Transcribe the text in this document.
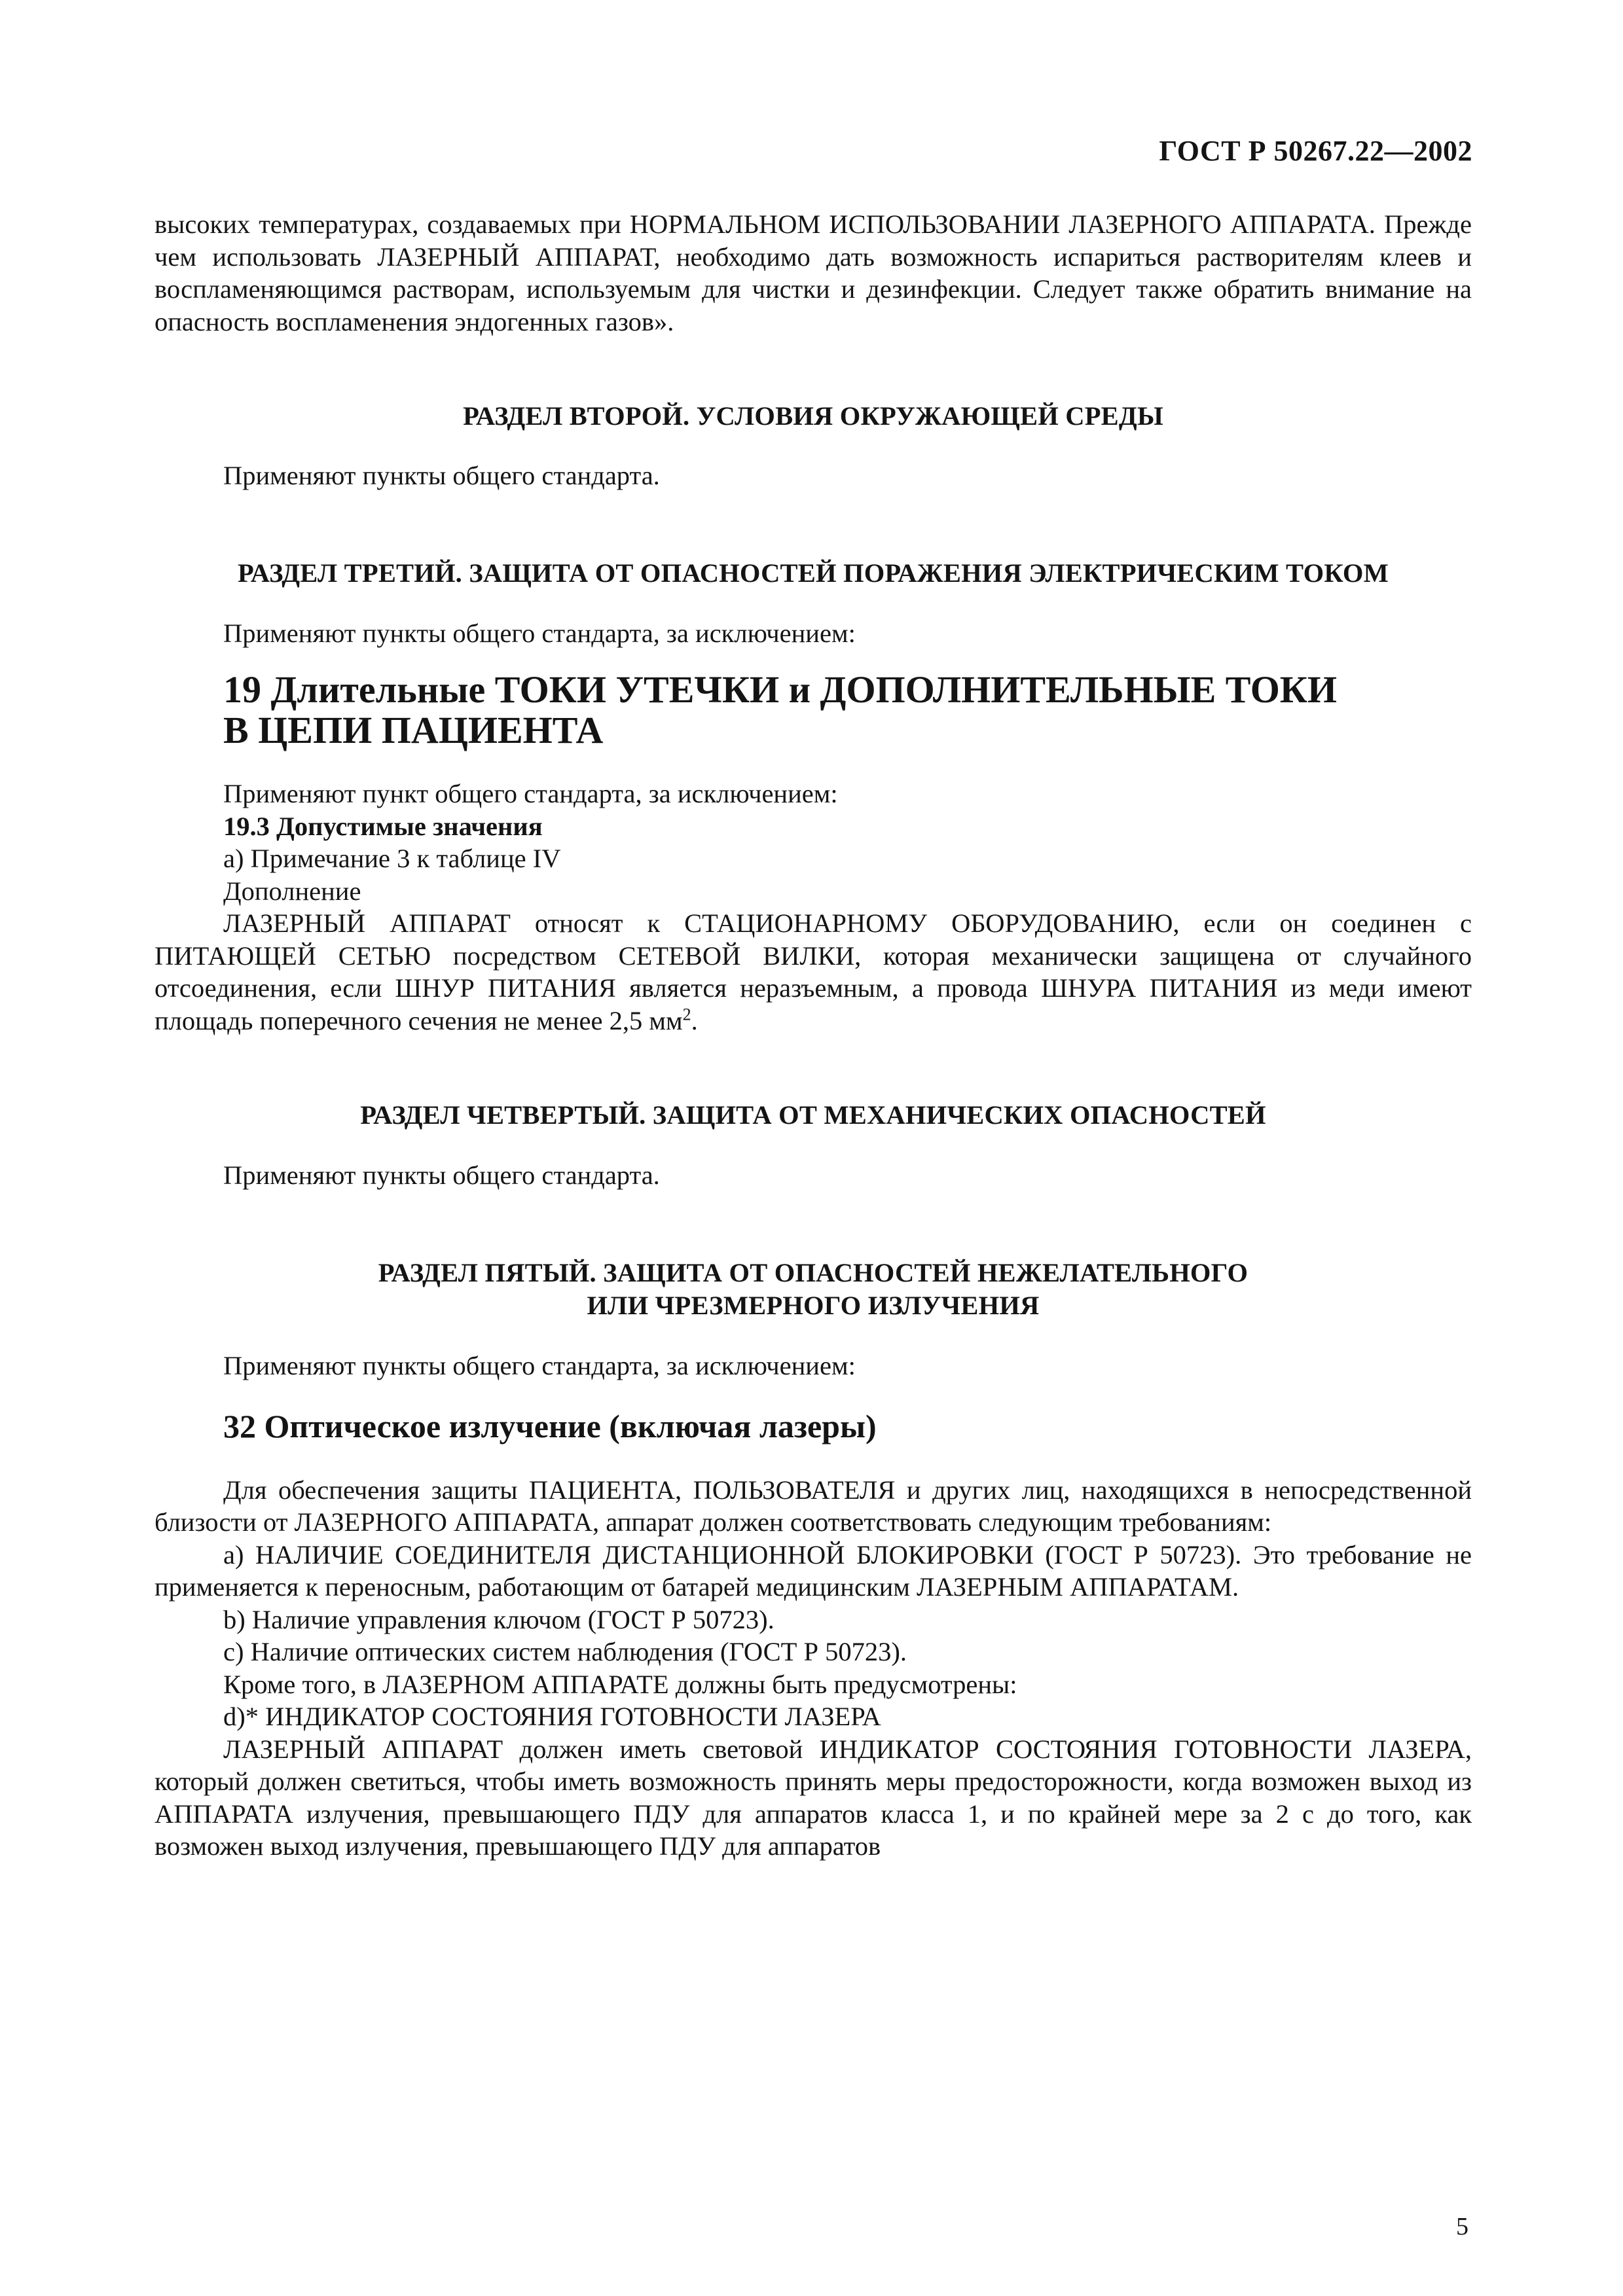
ГОСТ Р 50267.22—2002

высоких температурах, создаваемых при НОРМАЛЬНОМ ИСПОЛЬЗОВАНИИ ЛАЗЕРНОГО АППАРАТА. Прежде чем использовать ЛАЗЕРНЫЙ АППАРАТ, необходимо дать возможность испариться растворителям клеев и воспламеняющимся растворам, используемым для чистки и дезинфекции. Следует также обратить внимание на опасность воспламенения эндогенных газов».

РАЗДЕЛ ВТОРОЙ. УСЛОВИЯ ОКРУЖАЮЩЕЙ СРЕДЫ

Применяют пункты общего стандарта.

РАЗДЕЛ ТРЕТИЙ. ЗАЩИТА ОТ ОПАСНОСТЕЙ ПОРАЖЕНИЯ ЭЛЕКТРИЧЕСКИМ ТОКОМ

Применяют пункты общего стандарта, за исключением:

19 Длительные ТОКИ УТЕЧКИ и ДОПОЛНИТЕЛЬНЫЕ ТОКИ

В ЦЕПИ ПАЦИЕНТА

Применяют пункт общего стандарта, за исключением:

19.3 Допустимые значения

а) Примечание 3 к таблице IV

Дополнение

ЛАЗЕРНЫЙ АППАРАТ относят к СТАЦИОНАРНОМУ ОБОРУДОВАНИЮ, если он соединен с ПИТАЮЩЕЙ СЕТЬЮ посредством СЕТЕВОЙ ВИЛКИ, которая механически защищена от случайного отсоединения, если ШНУР ПИТАНИЯ является неразъемным, а провода ШНУРА ПИТАНИЯ из меди имеют площадь поперечного сечения не менее 2,5 $мм^2$.

РАЗДЕЛ ЧЕТВЕРТЫЙ. ЗАЩИТА ОТ МЕХАНИЧЕСКИХ ОПАСНОСТЕЙ

Применяют пункты общего стандарта.

РАЗДЕЛ ПЯТЫЙ. ЗАЩИТА ОТ ОПАСНОСТЕЙ НЕЖЕЛАТЕЛЬНОГО

ИЛИ ЧРЕЗМЕРНОГО ИЗЛУЧЕНИЯ

Применяют пункты общего стандарта, за исключением:

32 Оптическое излучение (включая лазеры)

Для обеспечения защиты ПАЦИЕНТА, ПОЛЬЗОВАТЕЛЯ и других лиц, находящихся в непосредственной близости от ЛАЗЕРНОГО АППАРАТА, аппарат должен соответствовать следующим требованиям:

а) НАЛИЧИЕ СОЕДИНИТЕЛЯ ДИСТАНЦИОННОЙ БЛОКИРОВКИ (ГОСТ Р 50723). Это требование не применяется к переносным, работающим от батарей медицинским ЛАЗЕРНЫМ АППАРАТАМ.

b) Наличие управления ключом (ГОСТ Р 50723).

c) Наличие оптических систем наблюдения (ГОСТ Р 50723).

Кроме того, в ЛАЗЕРНОМ АППАРАТЕ должны быть предусмотрены:

d)* ИНДИКАТОР СОСТОЯНИЯ ГОТОВНОСТИ ЛАЗЕРА

ЛАЗЕРНЫЙ АППАРАТ должен иметь световой ИНДИКАТОР СОСТОЯНИЯ ГОТОВНОСТИ ЛАЗЕРА, который должен светиться, чтобы иметь возможность принять меры предосторожности, когда возможен выход из АППАРАТА излучения, превышающего ПДУ для аппаратов класса 1, и по крайней мере за 2 с до того, как возможен выход излучения, превышающего ПДУ для аппаратов

5
